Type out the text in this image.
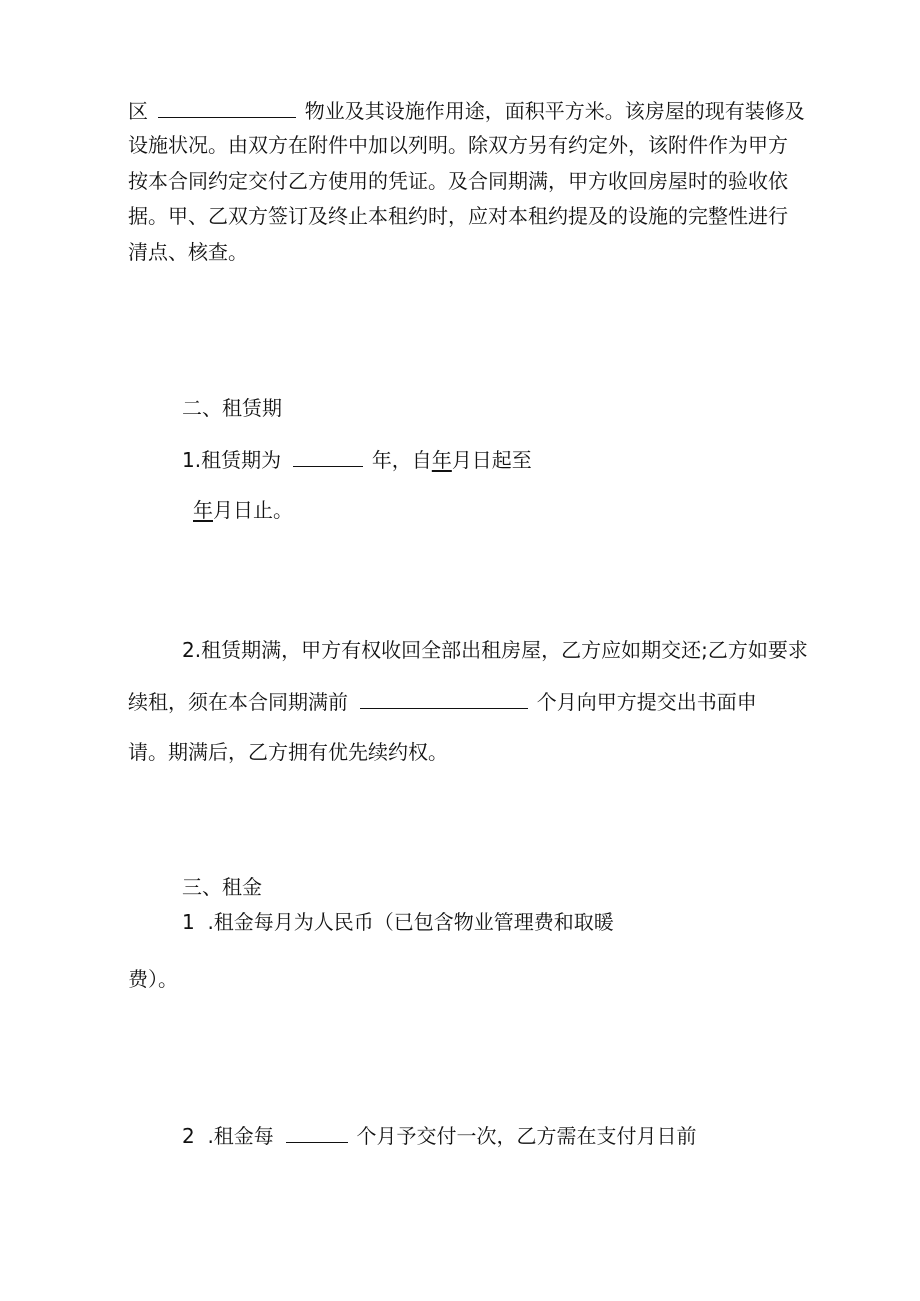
区	物业及其设施作用途，面积平方米。该房屋的现有装修及

设施状况。由双方在附件中加以列明。除双方另有约定外，该附件作为甲方

按本合同约定交付乙方使用的凭证。及合同期满，甲方收回房屋时的验收依

据。甲、乙双方签订及终止本租约时，应对本租约提及的设施的完整性进行

清点、核查。

二、租赁期

1.租赁期为	年，自年月日起至

年月日止。

2.租赁期满，甲方有权收回全部出租房屋，乙方应如期交还;乙方如要求

续租，须在本合同期满前	个月向甲方提交出书面申

请。期满后，乙方拥有优先续约权。

三、租金

1  .租金每月为人民币（已包含物业管理费和取暖

费）。

2  .租金每	个月予交付一次，乙方需在支付月日前
